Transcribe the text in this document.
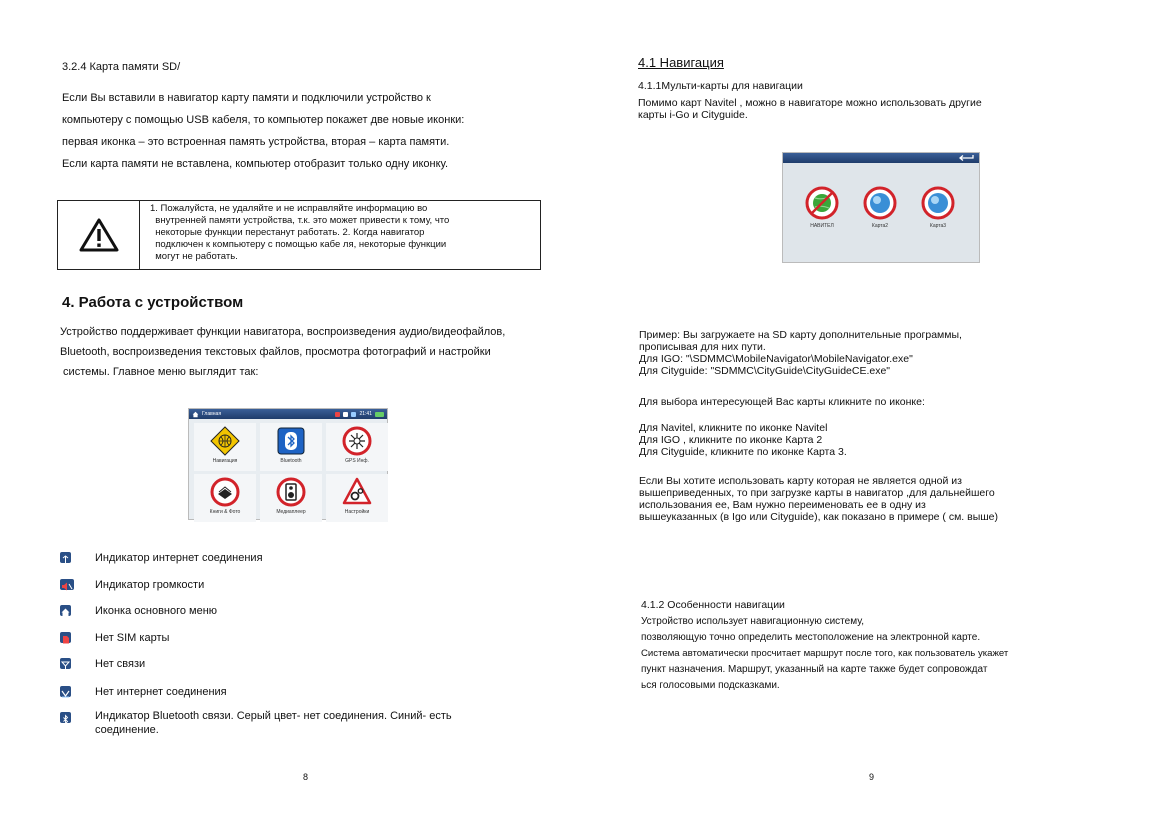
3.2.4 Карта памяти SD/
Если Вы вставили в навигатор карту памяти и подключили устройство к
компьютеру с помощью USB кабеля, то компьютер покажет две новые иконки:
первая иконка – это встроенная память устройства, вторая – карта памяти.
Если карта памяти не вставлена, компьютер отобразит только одну иконку.
1. Пожалуйста, не удаляйте и не исправляйте информацию во
внутренней памяти устройства, т.к. это может привести к тому, что
некоторые функции перестанут работать. 2. Когда навигатор
подключен к компьютеру с помощью кабе ля, некоторые функции
могут не работать.
4. Работа с устройством
Устройство поддерживает функции навигатора, воспроизведения аудио/видеофайлов,
Bluetooth, воспроизведения текстовых файлов, просмотра фотографий и настройки
системы. Главное меню выглядит так:
Главная	21:41
Навигация	Bluetooth	GPS Инф.
Книги & Фото	Медиаплеер	Настройки
Индикатор интернет соединения
Индикатор громкости
Иконка основного меню
Нет SIM карты
Нет связи
Нет интернет соединения
Индикатор Bluetooth связи. Серый цвет- нет соединения. Синий- есть
соединение.
8
4.1 Навигация
4.1.1Мульти-карты для навигации
Помимо карт Navitel , можно в навигаторе можно использовать другие
карты i-Go и Cityguide.
НАВИТЕЛ	Карта2	Карта3
Пример: Вы загружаете на SD карту дополнительные программы,
прописывая для них пути.
Для IGO: "\SDMMC\MobileNavigator\MobileNavigator.exe"
Для Cityguide: "SDMMC\CityGuide\CityGuideCE.exe"
Для выбора интересующей Вас карты кликните по иконке:
Для Navitel, кликните по иконке Navitel
Для IGO , кликните по иконке Карта 2
Для Cityguide, кликните по иконке Карта 3.
Если Вы хотите использовать карту которая не является одной из
вышеприведенных, то при загрузке карты в навигатор ,для дальнейшего
использования ее, Вам нужно переименовать ее в одну из
вышеуказанных (в Igo или Cityguide), как показано в примере ( см. выше)
4.1.2 Особенности навигации
Устройство использует навигационную систему,
позволяющую точно определить местоположение на электронной карте.
Система автоматически просчитает маршрут после того, как пользователь укажет
пункт назначения. Маршрут, указанный на карте также будет сопровождат
ься голосовыми подсказками.
9
